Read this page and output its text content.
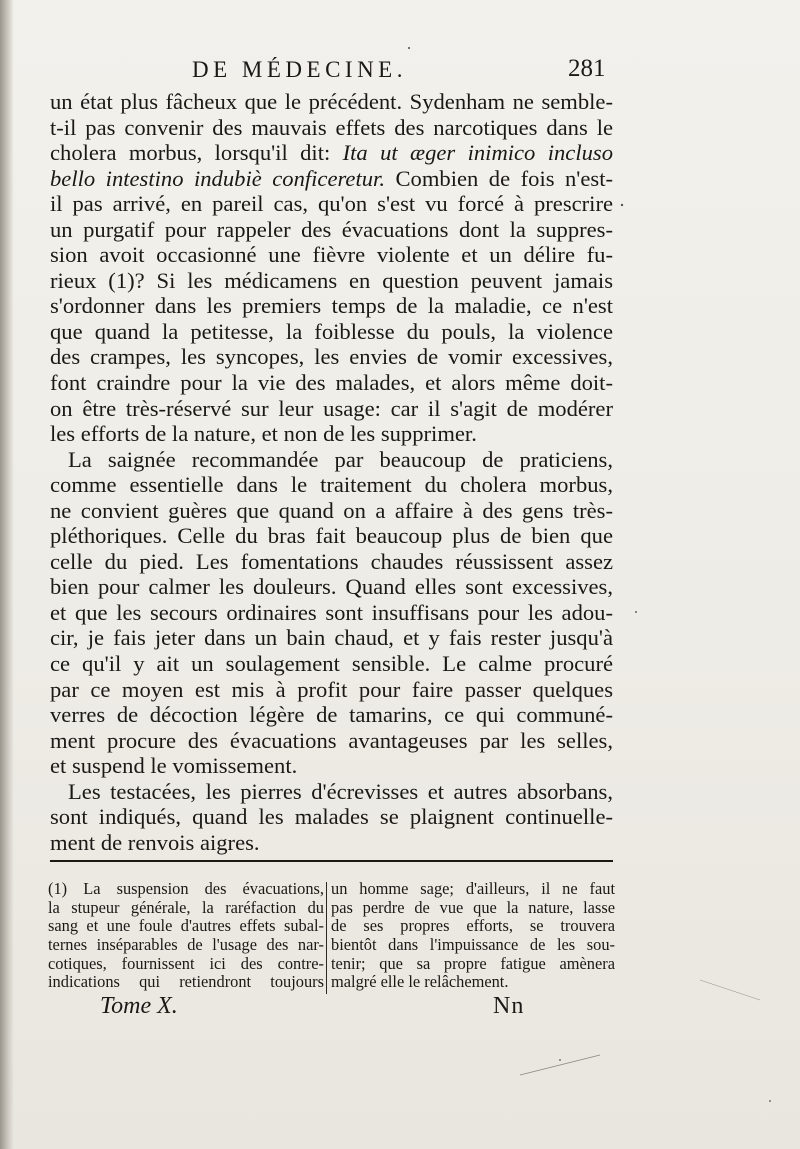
DE MÉDECINE.	281
un état plus fâcheux que le précédent. Sydenham ne semble-
t-il pas convenir des mauvais effets des narcotiques dans le
cholera morbus, lorsqu'il dit: Ita ut æger inimico incluso
bello intestino indubiè conficeretur. Combien de fois n'est-
il pas arrivé, en pareil cas, qu'on s'est vu forcé à prescrire
un purgatif pour rappeler des évacuations dont la suppres-
sion avoit occasionné une fièvre violente et un délire fu-
rieux (1)? Si les médicamens en question peuvent jamais
s'ordonner dans les premiers temps de la maladie, ce n'est
que quand la petitesse, la foiblesse du pouls, la violence
des crampes, les syncopes, les envies de vomir excessives,
font craindre pour la vie des malades, et alors même doit-
on être très-réservé sur leur usage: car il s'agit de modérer
les efforts de la nature, et non de les supprimer.
La saignée recommandée par beaucoup de praticiens,
comme essentielle dans le traitement du cholera morbus,
ne convient guères que quand on a affaire à des gens très-
pléthoriques. Celle du bras fait beaucoup plus de bien que
celle du pied. Les fomentations chaudes réussissent assez
bien pour calmer les douleurs. Quand elles sont excessives,
et que les secours ordinaires sont insuffisans pour les adou-
cir, je fais jeter dans un bain chaud, et y fais rester jusqu'à
ce qu'il y ait un soulagement sensible. Le calme procuré
par ce moyen est mis à profit pour faire passer quelques
verres de décoction légère de tamarins, ce qui communé-
ment procure des évacuations avantageuses par les selles,
et suspend le vomissement.
Les testacées, les pierres d'écrevisses et autres absorbans,
sont indiqués, quand les malades se plaignent continuelle-
ment de renvois aigres.
(1) La suspension des évacuations,
la stupeur générale, la raréfaction du
sang et une foule d'autres effets subal-
ternes inséparables de l'usage des nar-
cotiques, fournissent ici des contre-
indications qui retiendront toujours
un homme sage; d'ailleurs, il ne faut
pas perdre de vue que la nature, lasse
de ses propres efforts, se trouvera
bientôt dans l'impuissance de les sou-
tenir; que sa propre fatigue amènera
malgré elle le relâchement.
Tome X.	Nn
